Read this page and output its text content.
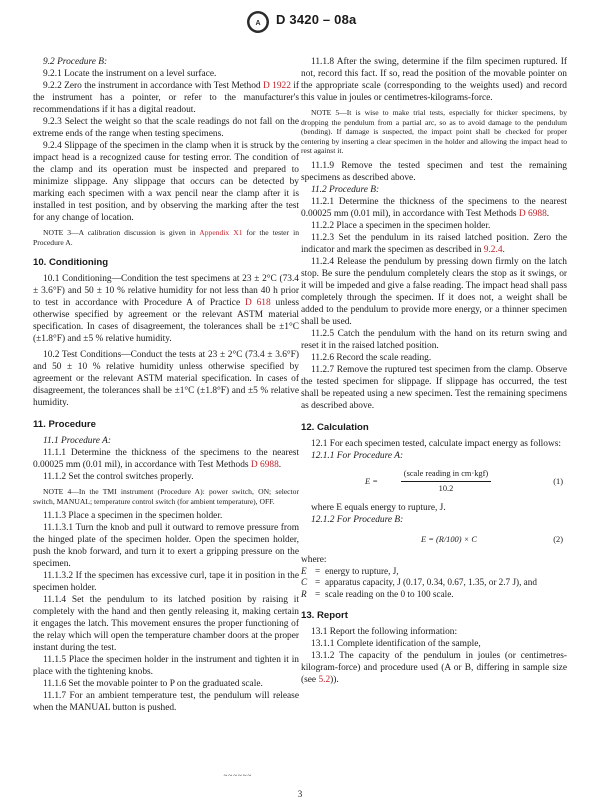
A D 3420 – 08a

9.2 Procedure B:

9.2.1 Locate the instrument on a level surface.

9.2.2 Zero the instrument in accordance with Test Method D 1922 if the instrument has a pointer, or refer to the manufacturer's recommendations if it has a digital readout.

9.2.3 Select the weight so that the scale readings do not fall on the extreme ends of the range when testing specimens.

9.2.4 Slippage of the specimen in the clamp when it is struck by the impact head is a recognized cause for testing error. The condition of the clamp and its operation must be inspected and prepared to minimize slippage. Any slippage that occurs can be detected by marking each specimen with a wax pencil near the clamp after it is installed in test position, and by observing the marking after the test for any change of location.

NOTE 3—A calibration discussion is given in Appendix X1 for the tester in Procedure A.

10. Conditioning

10.1 Conditioning—Condition the test specimens at 23 ± 2°C (73.4 ± 3.6°F) and 50 ± 10 % relative humidity for not less than 40 h prior to test in accordance with Procedure A of Practice D 618 unless otherwise specified by agreement or the relevant ASTM material specification. In cases of disagreement, the tolerances shall be ±1°C (±1.8°F) and ±5 % relative humidity.

10.2 Test Conditions—Conduct the tests at 23 ± 2°C (73.4 ± 3.6°F) and 50 ± 10 % relative humidity unless otherwise specified by agreement or the relevant ASTM material specification. In cases of disagreement, the tolerances shall be ±1°C (±1.8°F) and ±5 % relative humidity.

11. Procedure

11.1 Procedure A:

11.1.1 Determine the thickness of the specimens to the nearest 0.00025 mm (0.01 mil), in accordance with Test Methods D 6988.

11.1.2 Set the control switches properly.

NOTE 4—In the TMI instrument (Procedure A): power switch, ON; selector switch, MANUAL; temperature control switch (for ambient temperature), OFF.

11.1.3 Place a specimen in the specimen holder.

11.1.3.1 Turn the knob and pull it outward to remove pressure from the hinged plate of the specimen holder. Open the specimen holder, push the knob forward, and turn it to exert a gripping pressure on the specimen.

11.1.3.2 If the specimen has excessive curl, tape it in position in the specimen holder.

11.1.4 Set the pendulum to its latched position by raising it completely with the hand and then gently releasing it, making certain it engages the latch. This movement ensures the proper functioning of the relay which will open the temperature chamber doors at the proper instant during the test.

11.1.5 Place the specimen holder in the instrument and tighten it in place with the tightening knobs.

11.1.6 Set the movable pointer to P on the graduated scale.

11.1.7 For an ambient temperature test, the pendulum will release when the MANUAL button is pushed.

11.1.8 After the swing, determine if the film specimen ruptured. If not, record this fact. If so, read the position of the movable pointer on the appropriate scale (corresponding to the weights used) and record this value in joules or centimetres-kilograms-force.

NOTE 5—It is wise to make trial tests, especially for thicker specimens, by dropping the pendulum from a partial arc, so as to avoid damage to the pendulum (bending). If damage is suspected, the impact point shall be checked for proper centering by inserting a clear specimen in the holder and allowing the impact head to rest against it.

11.1.9 Remove the tested specimen and test the remaining specimens as described above.

11.2 Procedure B:

11.2.1 Determine the thickness of the specimens to the nearest 0.00025 mm (0.01 mil), in accordance with Test Methods D 6988.

11.2.2 Place a specimen in the specimen holder.

11.2.3 Set the pendulum in its raised latched position. Zero the indicator and mark the specimen as described in 9.2.4.

11.2.4 Release the pendulum by pressing down firmly on the latch stop. Be sure the pendulum completely clears the stop as it swings, or it will be impeded and give a false reading. The impact head shall pass completely through the specimen. If it does not, a weight shall be added to the pendulum to provide more energy, or a thinner specimen shall be used.

11.2.5 Catch the pendulum with the hand on its return swing and reset it in the raised latched position.

11.2.6 Record the scale reading.

11.2.7 Remove the ruptured test specimen from the clamp. Observe the tested specimen for slippage. If slippage has occurred, the test shall be repeated using a new specimen. Test the remaining specimens as described above.

12. Calculation

12.1 For each specimen tested, calculate impact energy as follows:

12.1.1 For Procedure A:

E =
(scale reading in cm·kgf)
10.2
(1)

where E equals energy to rupture, J.

12.1.2 For Procedure B:

E = (R/100) × C	(2)
where:
E = energy to rupture, J,
C = apparatus capacity, J (0.17, 0.34, 0.67, 1.35, or 2.7 J), and
R = scale reading on the 0 to 100 scale.
13. Report

13.1 Report the following information:

13.1.1 Complete identification of the sample,

13.1.2 The capacity of the pendulum in joules (or centimetres-kilogram-force) and procedure used (A or B, differing in sample size (see 5.2)).

~~~~~~
3
